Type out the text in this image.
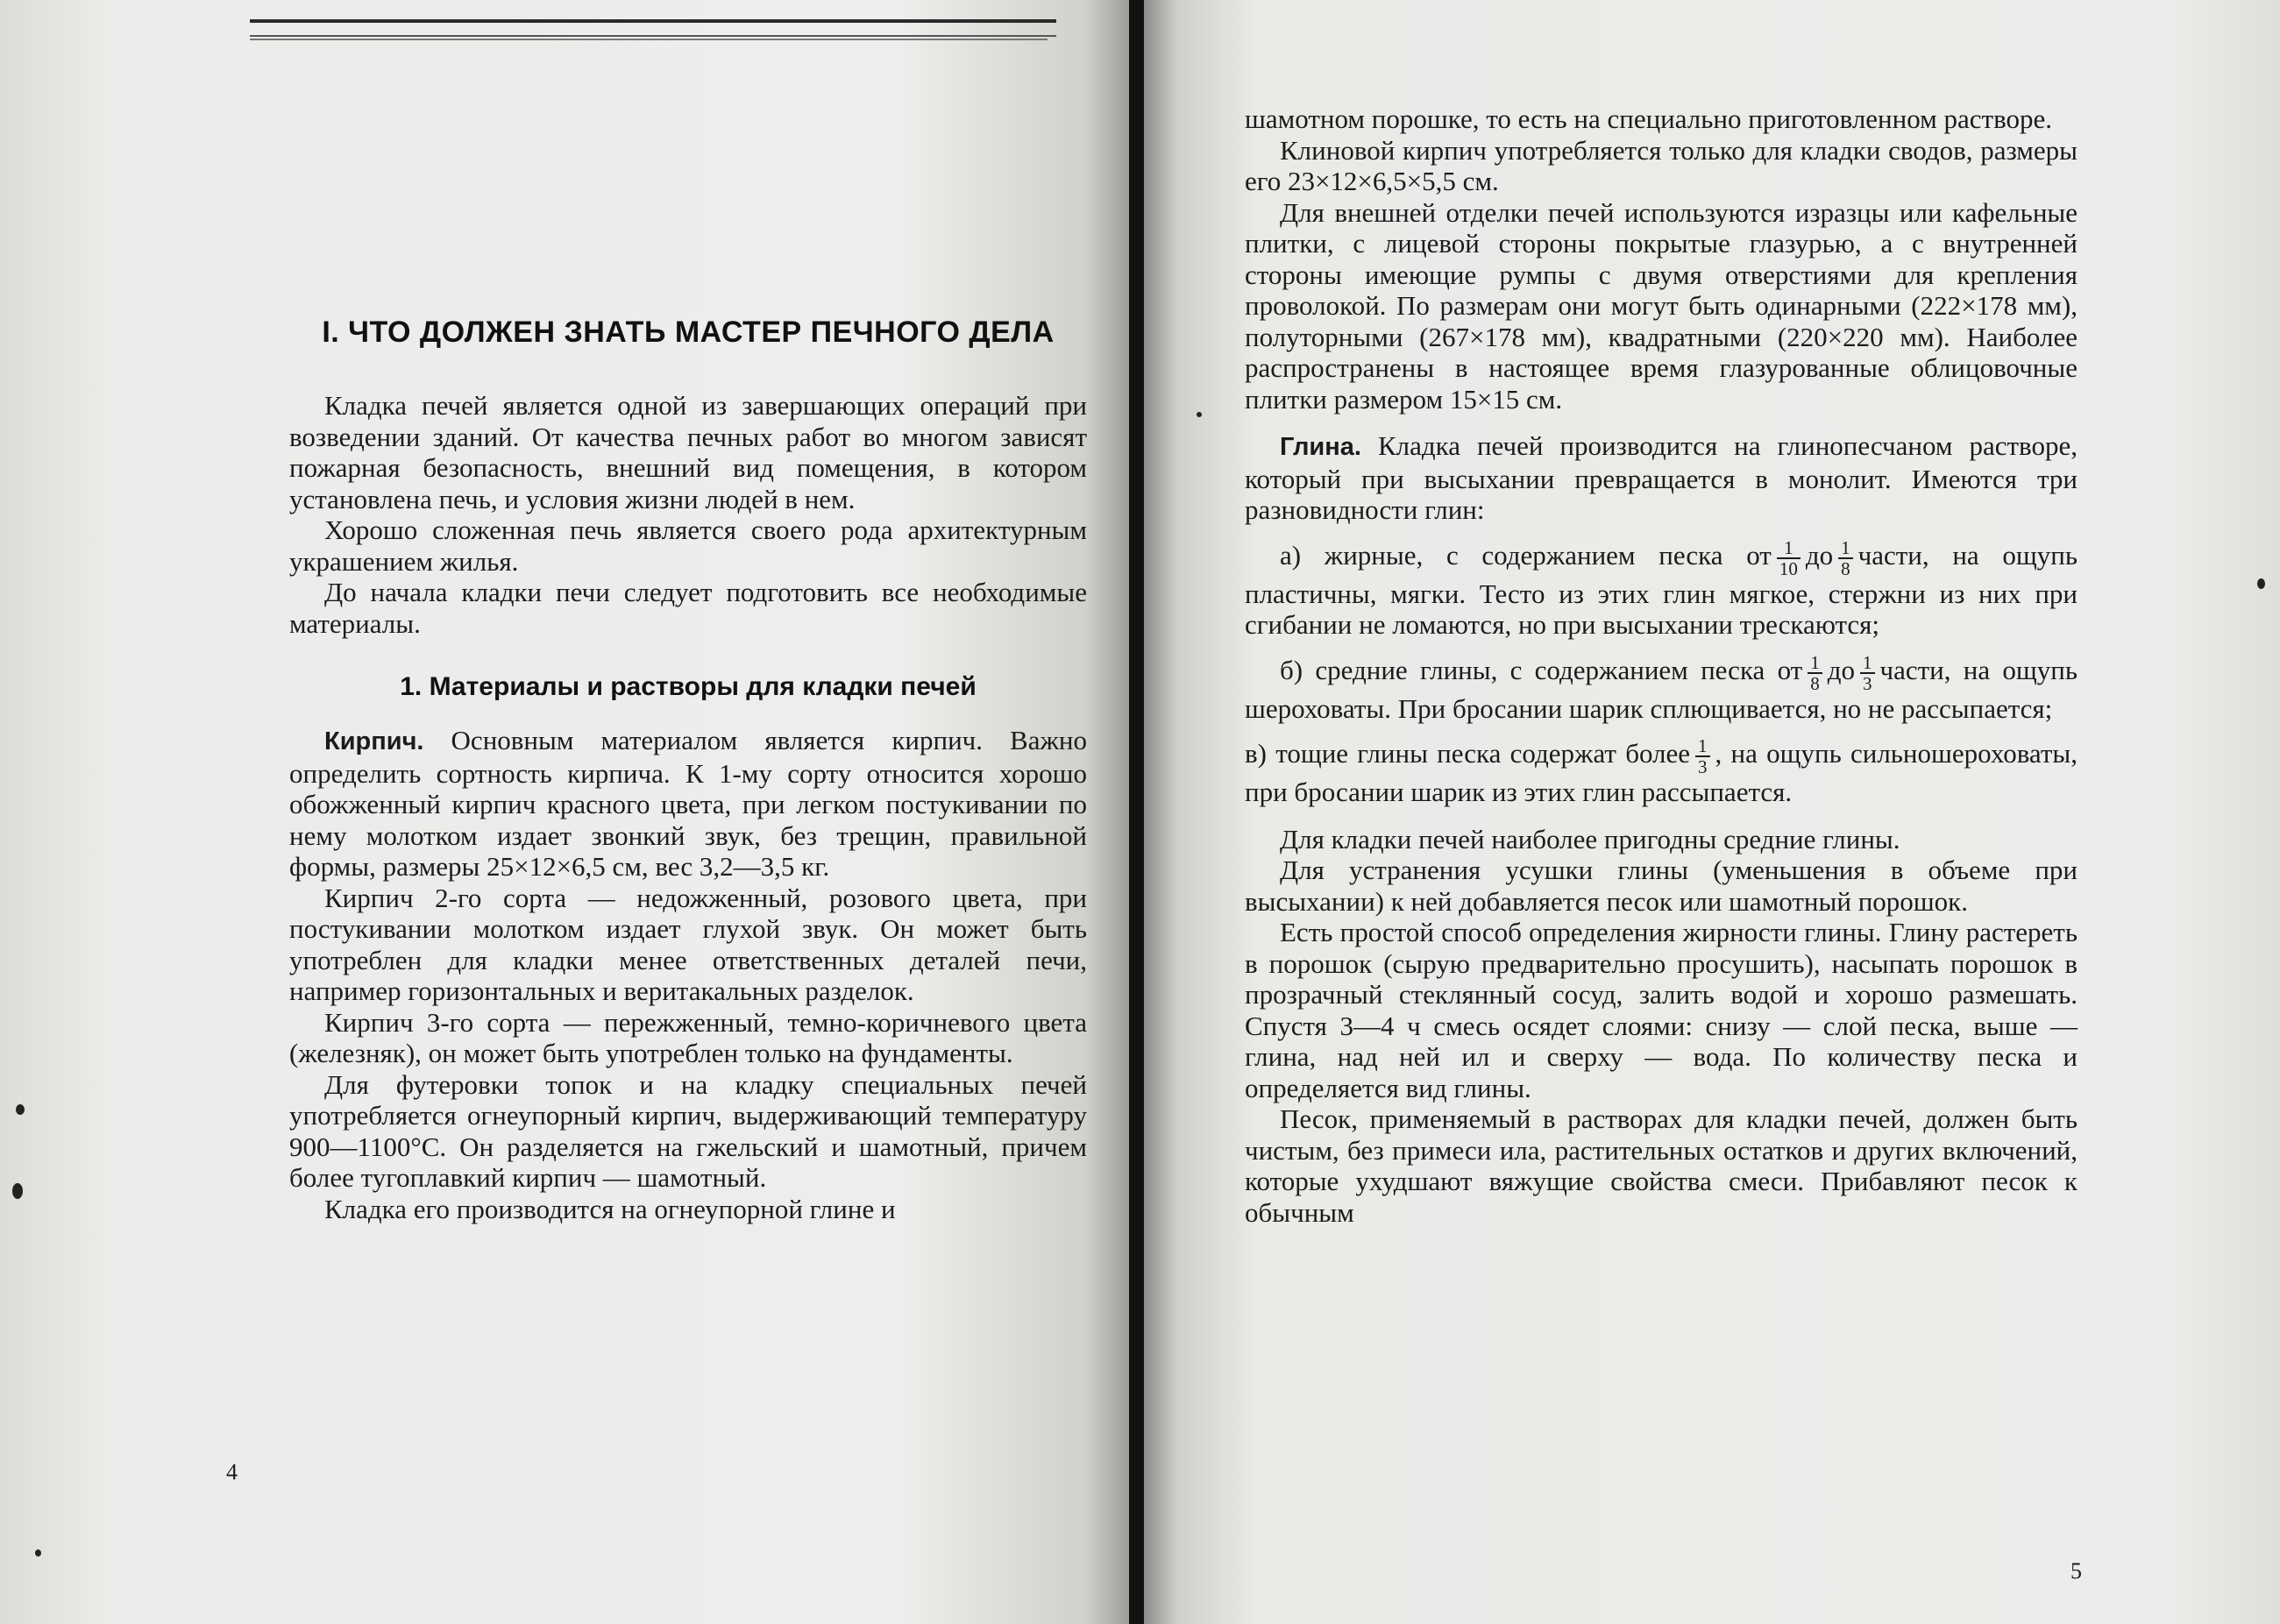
I. ЧТО ДОЛЖЕН ЗНАТЬ МАСТЕР ПЕЧНОГО ДЕЛА

Кладка печей является одной из завершающих операций при возведении зданий. От качества печных работ во многом зависят пожарная безопасность, внешний вид помещения, в котором установлена печь, и условия жизни людей в нем.

Хорошо сложенная печь является своего рода архитектурным украшением жилья.

До начала кладки печи следует подготовить все необходимые материалы.

1. Материалы и растворы для кладки печей

Кирпич. Основным материалом является кирпич. Важно определить сортность кирпича. К 1-му сорту относится хорошо обожженный кирпич красного цвета, при легком постукивании по нему молотком издает звонкий звук, без трещин, правильной формы, размеры 25×12×6,5 см, вес 3,2—3,5 кг.

Кирпич 2-го сорта — недожженный, розового цвета, при постукивании молотком издает глухой звук. Он может быть употреблен для кладки менее ответственных деталей печи, например горизонтальных и веритакальных разделок.

Кирпич 3-го сорта — пережженный, темно-коричневого цвета (железняк), он может быть употреблен только на фундаменты.

Для футеровки топок и на кладку специальных печей употребляется огнеупорный кирпич, выдерживающий температуру 900—1100°С. Он разделяется на гжельский и шамотный, причем более тугоплавкий кирпич — шамотный.

Кладка его производится на огнеупорной глине и

4

шамотном порошке, то есть на специально приготовленном растворе.

Клиновой кирпич употребляется только для кладки сводов, размеры его 23×12×6,5×5,5 см.

Для внешней отделки печей используются изразцы или кафельные плитки, с лицевой стороны покрытые глазурью, а с внутренней стороны имеющие румпы с двумя отверстиями для крепления проволокой. По размерам они могут быть одинарными (222×178 мм), полуторными (267×178 мм), квадратными (220×220 мм). Наиболее распространены в настоящее время глазурованные облицовочные плитки размером 15×15 см.

Глина. Кладка печей производится на глинопесчаном растворе, который при высыхании превращается в монолит. Имеются три разновидности глин:

а) жирные, с содержанием песка от $\frac{1}{10}$ до $\frac{1}{8}$ части, на ощупь пластичны, мягки. Тесто из этих глин мягкое, стержни из них при сгибании не ломаются, но при высыхании трескаются;

б) средние глины, с содержанием песка от $\frac{1}{8}$ до $\frac{1}{3}$ части, на ощупь шероховаты. При бросании шарик сплющивается, но не рассыпается;

в) тощие глины песка содержат более $\frac{1}{3}$ , на ощупь сильношероховаты, при бросании шарик из этих глин рассыпается.

Для кладки печей наиболее пригодны средние глины.

Для устранения усушки глины (уменьшения в объеме при высыхании) к ней добавляется песок или шамотный порошок.

Есть простой способ определения жирности глины. Глину растереть в порошок (сырую предварительно просушить), насыпать порошок в прозрачный стеклянный сосуд, залить водой и хорошо размешать. Спустя 3—4 ч смесь осядет слоями: снизу — слой песка, выше — глина, над ней ил и сверху — вода. По количеству песка и определяется вид глины.

Песок, применяемый в растворах для кладки печей, должен быть чистым, без примеси ила, растительных остатков и других включений, которые ухудшают вяжущие свойства смеси. Прибавляют песок к обычным

5
